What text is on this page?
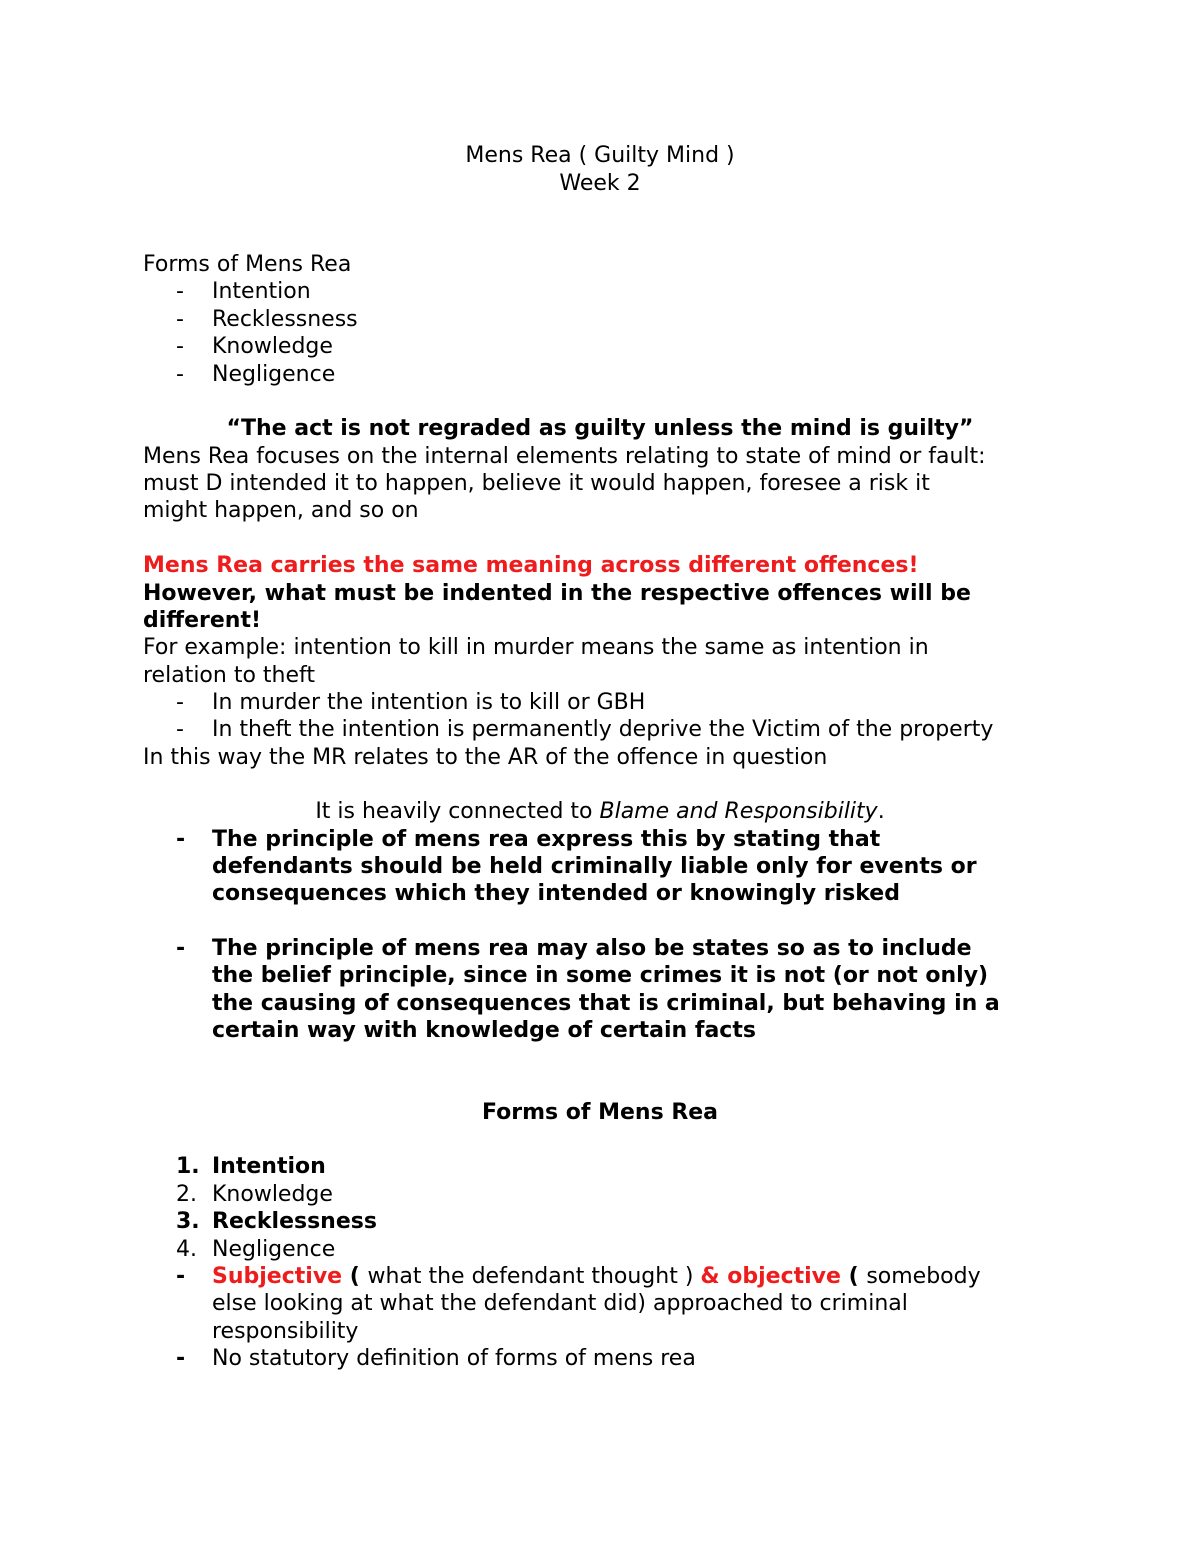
Mens Rea ( Guilty Mind )
Week 2
Forms of Mens Rea
- Intention
- Recklessness
- Knowledge
- Negligence
“The act is not regraded as guilty unless the mind is guilty”
Mens Rea focuses on the internal elements relating to state of mind or fault:
must D intended it to happen, believe it would happen, foresee a risk it
might happen, and so on
Mens Rea carries the same meaning across different offences!
However, what must be indented in the respective offences will be
different!
For example: intention to kill in murder means the same as intention in
relation to theft
- In murder the intention is to kill or GBH
- In theft the intention is permanently deprive the Victim of the property
In this way the MR relates to the AR of the offence in question
It is heavily connected to Blame and Responsibility.
- The principle of mens rea express this by stating that
defendants should be held criminally liable only for events or
consequences which they intended or knowingly risked
- The principle of mens rea may also be states so as to include
the belief principle, since in some crimes it is not (or not only)
the causing of consequences that is criminal, but behaving in a
certain way with knowledge of certain facts
Forms of Mens Rea
1. Intention
2. Knowledge
3. Recklessness
4. Negligence
- Subjective ( what the defendant thought ) & objective ( somebody
else looking at what the defendant did) approached to criminal
responsibility
- No statutory definition of forms of mens rea
